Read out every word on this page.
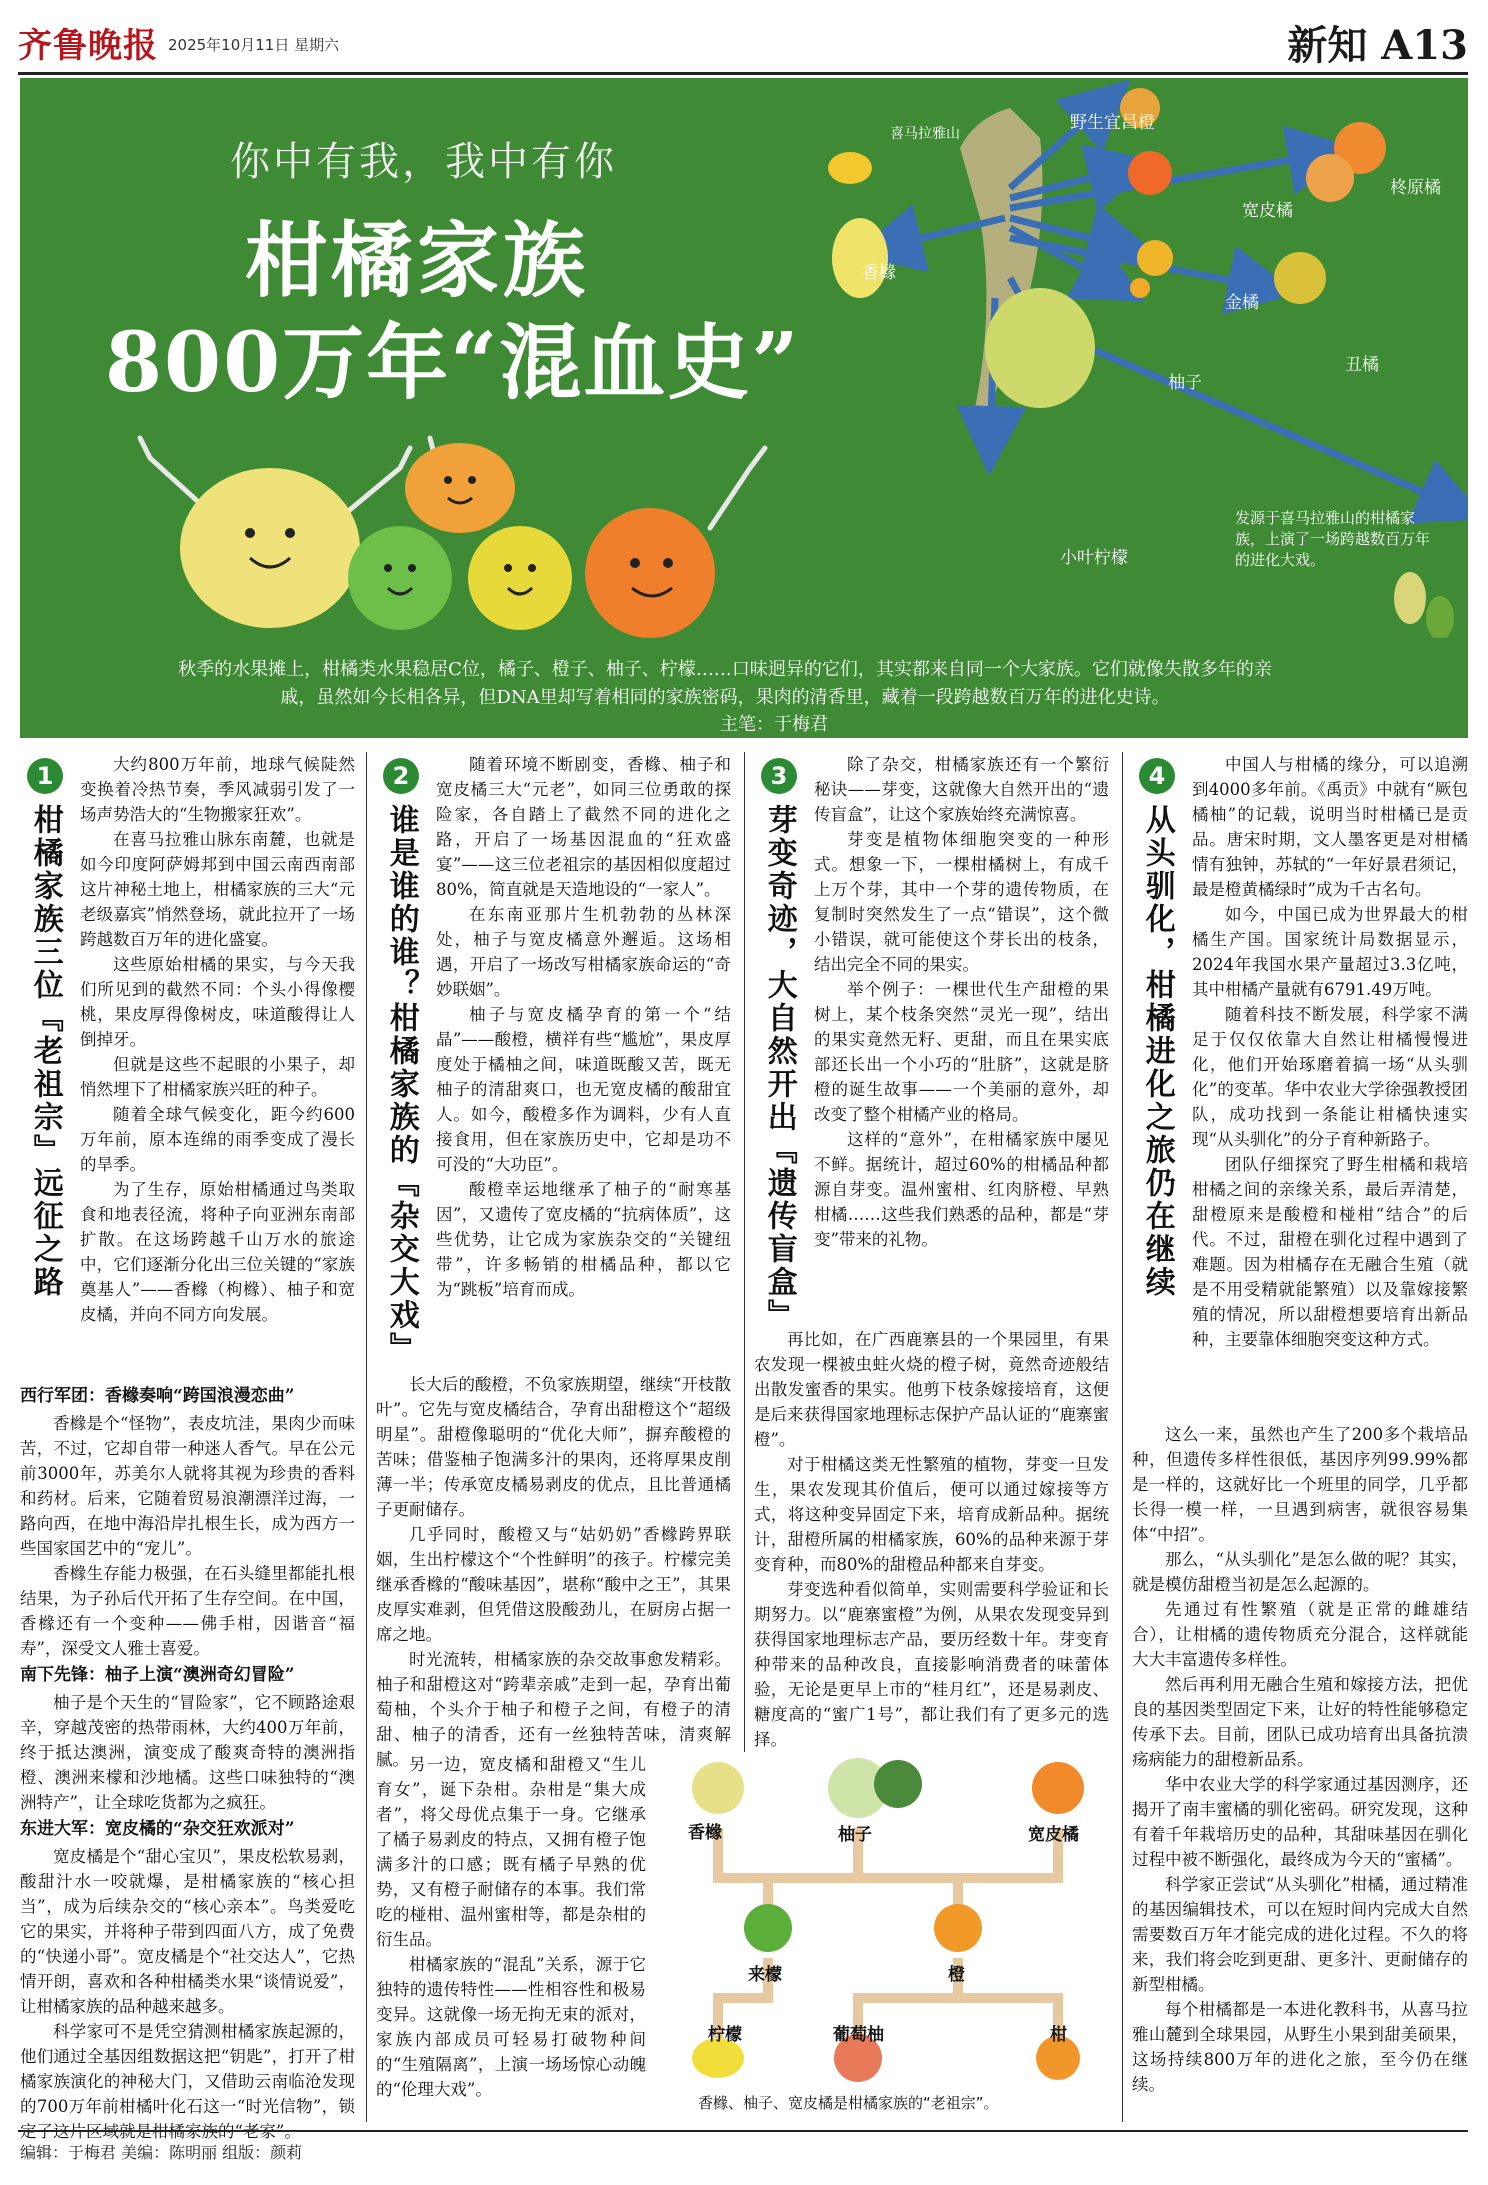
齐鲁晚报 2025年10月11日 星期六	新知 A13
你中有我，我中有你
柑橘家族
800万年“混血史”
喜马拉雅山
野生宜昌橙
柊原橘
香橼
宽皮橘
金橘
柚子
丑橘
小叶柠檬
发源于喜马拉雅山的柑橘家族，上演了一场跨越数百万年的进化大戏。
秋季的水果摊上，柑橘类水果稳居C位，橘子、橙子、柚子、柠檬……口味迥异的它们，其实都来自同一个大家族。它们就像失散多年的亲戚，虽然如今长相各异，但DNA里却写着相同的家族密码，果肉的清香里，藏着一段跨越数百万年的进化史诗。
主笔：于梅君
1
柑橘家族三位『老祖宗』远征之路

大约800万年前，地球气候陡然变换着冷热节奏，季风减弱引发了一场声势浩大的“生物搬家狂欢”。

在喜马拉雅山脉东南麓，也就是如今印度阿萨姆邦到中国云南西南部这片神秘土地上，柑橘家族的三大“元老级嘉宾”悄然登场，就此拉开了一场跨越数百万年的进化盛宴。

这些原始柑橘的果实，与今天我们所见到的截然不同：个头小得像樱桃，果皮厚得像树皮，味道酸得让人倒掉牙。

但就是这些不起眼的小果子，却悄然埋下了柑橘家族兴旺的种子。

随着全球气候变化，距今约600万年前，原本连绵的雨季变成了漫长的旱季。

为了生存，原始柑橘通过鸟类取食和地表径流，将种子向亚洲东南部扩散。在这场跨越千山万水的旅途中，它们逐渐分化出三位关键的“家族奠基人”——香橼（枸橼）、柚子和宽皮橘，并向不同方向发展。

西行军团：香橼奏响“跨国浪漫恋曲”

香橼是个“怪物”，表皮坑洼，果肉少而味苦，不过，它却自带一种迷人香气。早在公元前3000年，苏美尔人就将其视为珍贵的香料和药材。后来，它随着贸易浪潮漂洋过海，一路向西，在地中海沿岸扎根生长，成为西方一些国家国艺中的“宠儿”。

香橼生存能力极强，在石头缝里都能扎根结果，为子孙后代开拓了生存空间。在中国，香橼还有一个变种——佛手柑，因谐音“福寿”，深受文人雅士喜爱。

南下先锋：柚子上演“澳洲奇幻冒险”

柚子是个天生的“冒险家”，它不顾路途艰辛，穿越茂密的热带雨林，大约400万年前，终于抵达澳洲，演变成了酸爽奇特的澳洲指橙、澳洲来檬和沙地橘。这些口味独特的“澳洲特产”，让全球吃货都为之疯狂。

东进大军：宽皮橘的“杂交狂欢派对”

宽皮橘是个“甜心宝贝”，果皮松软易剥，酸甜汁水一咬就爆，是柑橘家族的“核心担当”，成为后续杂交的“核心亲本”。鸟类爱吃它的果实，并将种子带到四面八方，成了免费的“快递小哥”。宽皮橘是个“社交达人”，它热情开朗，喜欢和各种柑橘类水果“谈情说爱”，让柑橘家族的品种越来越多。

科学家可不是凭空猜测柑橘家族起源的，他们通过全基因组数据这把“钥匙”，打开了柑橘家族演化的神秘大门，又借助云南临沧发现的700万年前柑橘叶化石这一“时光信物”，锁

2
谁是谁的谁？柑橘家族的『杂交大戏』

随着环境不断剧变，香橼、柚子和宽皮橘三大“元老”，如同三位勇敢的探险家，各自踏上了截然不同的进化之路，开启了一场基因混血的“狂欢盛宴”——这三位老祖宗的基因相似度超过80%，简直就是天造地设的“一家人”。

在东南亚那片生机勃勃的丛林深处，柚子与宽皮橘意外邂逅。这场相遇，开启了一场改写柑橘家族命运的“奇妙联姻”。

柚子与宽皮橘孕育的第一个“结晶”——酸橙，横祥有些“尴尬”，果皮厚度处于橘柚之间，味道既酸又苦，既无柚子的清甜爽口，也无宽皮橘的酸甜宜人。如今，酸橙多作为调料，少有人直接食用，但在家族历史中，它却是功不可没的“大功臣”。

酸橙幸运地继承了柚子的“耐寒基因”，又遗传了宽皮橘的“抗病体质”，这些优势，让它成为家族杂交的“关键纽带”，许多畅销的柑橘品种，都以它为“跳板”培育而成。

长大后的酸橙，不负家族期望，继续“开枝散叶”。它先与宽皮橘结合，孕育出甜橙这个“超级明星”。甜橙像聪明的“优化大师”，摒弃酸橙的苦味；借鉴柚子饱满多汁的果肉，还将厚果皮削薄一半；传承宽皮橘易剥皮的优点，且比普通橘子更耐储存。

几乎同时，酸橙又与“姑奶奶”香橼跨界联姻，生出柠檬这个“个性鲜明”的孩子。柠檬完美继承香橼的“酸味基因”，堪称“酸中之王”，其果皮厚实难剥，但凭借这股酸劲儿，在厨房占据一席之地。

时光流转，柑橘家族的杂交故事愈发精彩。柚子和甜橙这对“跨辈亲戚”走到一起，孕育出葡萄柚，个头介于柚子和橙子之间，有橙子的清甜、柚子的清香，还有一丝独特苦味，清爽解腻。 另一边，宽皮橘和甜橙又“生儿育女”，诞下杂柑。杂柑是“集大成者”，将父母优点集于一身。它继承了橘子易剥皮的特点，又拥有橙子饱满多汁的口感；既有橘子早熟的优势，又有橙子耐储存的本事。我们常吃的椪柑、温州蜜柑等，都是杂柑的衍生品。

柑橘家族的“混乱”关系，源于它独特的遗传特性——性相容性和极易变异。这就像一场无拘无束的派对，家族内部成员可轻易打破物种间的“生殖隔离”，上演一场场惊心动魄的“伦理大戏”。

3
芽变奇迹，大自然开出『遗传盲盒』

除了杂交，柑橘家族还有一个繁衍秘诀——芽变，这就像大自然开出的“遗传盲盒”，让这个家族始终充满惊喜。

芽变是植物体细胞突变的一种形式。想象一下，一棵柑橘树上，有成千上万个芽，其中一个芽的遗传物质，在复制时突然发生了一点“错误”，这个微小错误，就可能使这个芽长出的枝条，结出完全不同的果实。

举个例子：一棵世代生产甜橙的果树上，某个枝条突然“灵光一现”，结出的果实竟然无籽、更甜，而且在果实底部还长出一个小巧的“肚脐”，这就是脐橙的诞生故事——一个美丽的意外，却改变了整个柑橘产业的格局。

这样的“意外”，在柑橘家族中屡见不鲜。据统计，超过60%的柑橘品种都源自芽变。温州蜜柑、红肉脐橙、早熟柑橘……这些我们熟悉的品种，都是“芽变”带来的礼物。

再比如，在广西鹿寨县的一个果园里，有果农发现一棵被虫蛀火烧的橙子树，竟然奇迹般结出散发蜜香的果实。他剪下枝条嫁接培育，这便是后来获得国家地理标志保护产品认证的“鹿寨蜜橙”。

对于柑橘这类无性繁殖的植物，芽变一旦发生，果农发现其价值后，便可以通过嫁接等方式，将这种变异固定下来，培育成新品种。据统计，甜橙所属的柑橘家族，60%的品种来源于芽变育种，而80%的甜橙品种都来自芽变。

芽变选种看似简单，实则需要科学验证和长期努力。以“鹿寨蜜橙”为例，从果农发现变异到获得国家地理标志产品，要历经数十年。芽变育种带来的品种改良，直接影响消费者的味蕾体验，无论是更早上市的“桂月红”，还是易剥皮、糖度高的“蜜广1号”，都让我们有了更多元的选择。

4
从头驯化，柑橘进化之旅仍在继续

中国人与柑橘的缘分，可以追溯到4000多年前。《禹贡》中就有“厥包橘柚”的记载，说明当时柑橘已是贡品。唐宋时期，文人墨客更是对柑橘情有独钟，苏轼的“一年好景君须记，最是橙黄橘绿时”成为千古名句。

如今，中国已成为世界最大的柑橘生产国。国家统计局数据显示，2024年我国水果产量超过3.3亿吨，其中柑橘产量就有6791.49万吨。

随着科技不断发展，科学家不满足于仅仅依靠大自然让柑橘慢慢进化，他们开始琢磨着搞一场“从头驯化”的变革。华中农业大学徐强教授团队，成功找到一条能让柑橘快速实现“从头驯化”的分子育种新路子。

团队仔细探究了野生柑橘和栽培柑橘之间的亲缘关系，最后弄清楚，甜橙原来是酸橙和椪柑“结合”的后代。不过，甜橙在驯化过程中遇到了难题。因为柑橘存在无融合生殖（就是不用受精就能繁殖）以及靠嫁接繁殖的情况，所以甜橙想要培育出新品种，主要靠体细胞突变这种方式。

这么一来，虽然也产生了200多个栽培品种，但遗传多样性很低，基因序列99.99%都是一样的，这就好比一个班里的同学，几乎都长得一模一样，一旦遇到病害，就很容易集体“中招”。

那么，“从头驯化”是怎么做的呢？其实，就是模仿甜橙当初是怎么起源的。

先通过有性繁殖（就是正常的雌雄结合），让柑橘的遗传物质充分混合，这样就能大大丰富遗传多样性。

然后再利用无融合生殖和嫁接方法，把优良的基因类型固定下来，让好的特性能够稳定传承下去。目前，团队已成功培育出具备抗溃疡病能力的甜橙新品系。

华中农业大学的科学家通过基因测序，还揭开了南丰蜜橘的驯化密码。研究发现，这种有着千年栽培历史的品种，其甜味基因在驯化过程中被不断强化，最终成为今天的“蜜橘”。

科学家正尝试“从头驯化”柑橘，通过精准的基因编辑技术，可以在短时间内完成大自然需要数百万年才能完成的进化过程。不久的将来，我们将会吃到更甜、更多汁、更耐储存的新型柑橘。

每个柑橘都是一本进化教科书，从喜马拉雅山麓到全球果园，从野生小果到甜美硕果，这场持续800万年的进化之旅，至今仍在继续。

香橼	柚子	宽皮橘
来檬	橙
柠檬	葡萄柚	柑
香橼、柚子、宽皮橘是柑橘家族的“老祖宗”。
编辑：于梅君 美编：陈明丽 组版：颜莉
